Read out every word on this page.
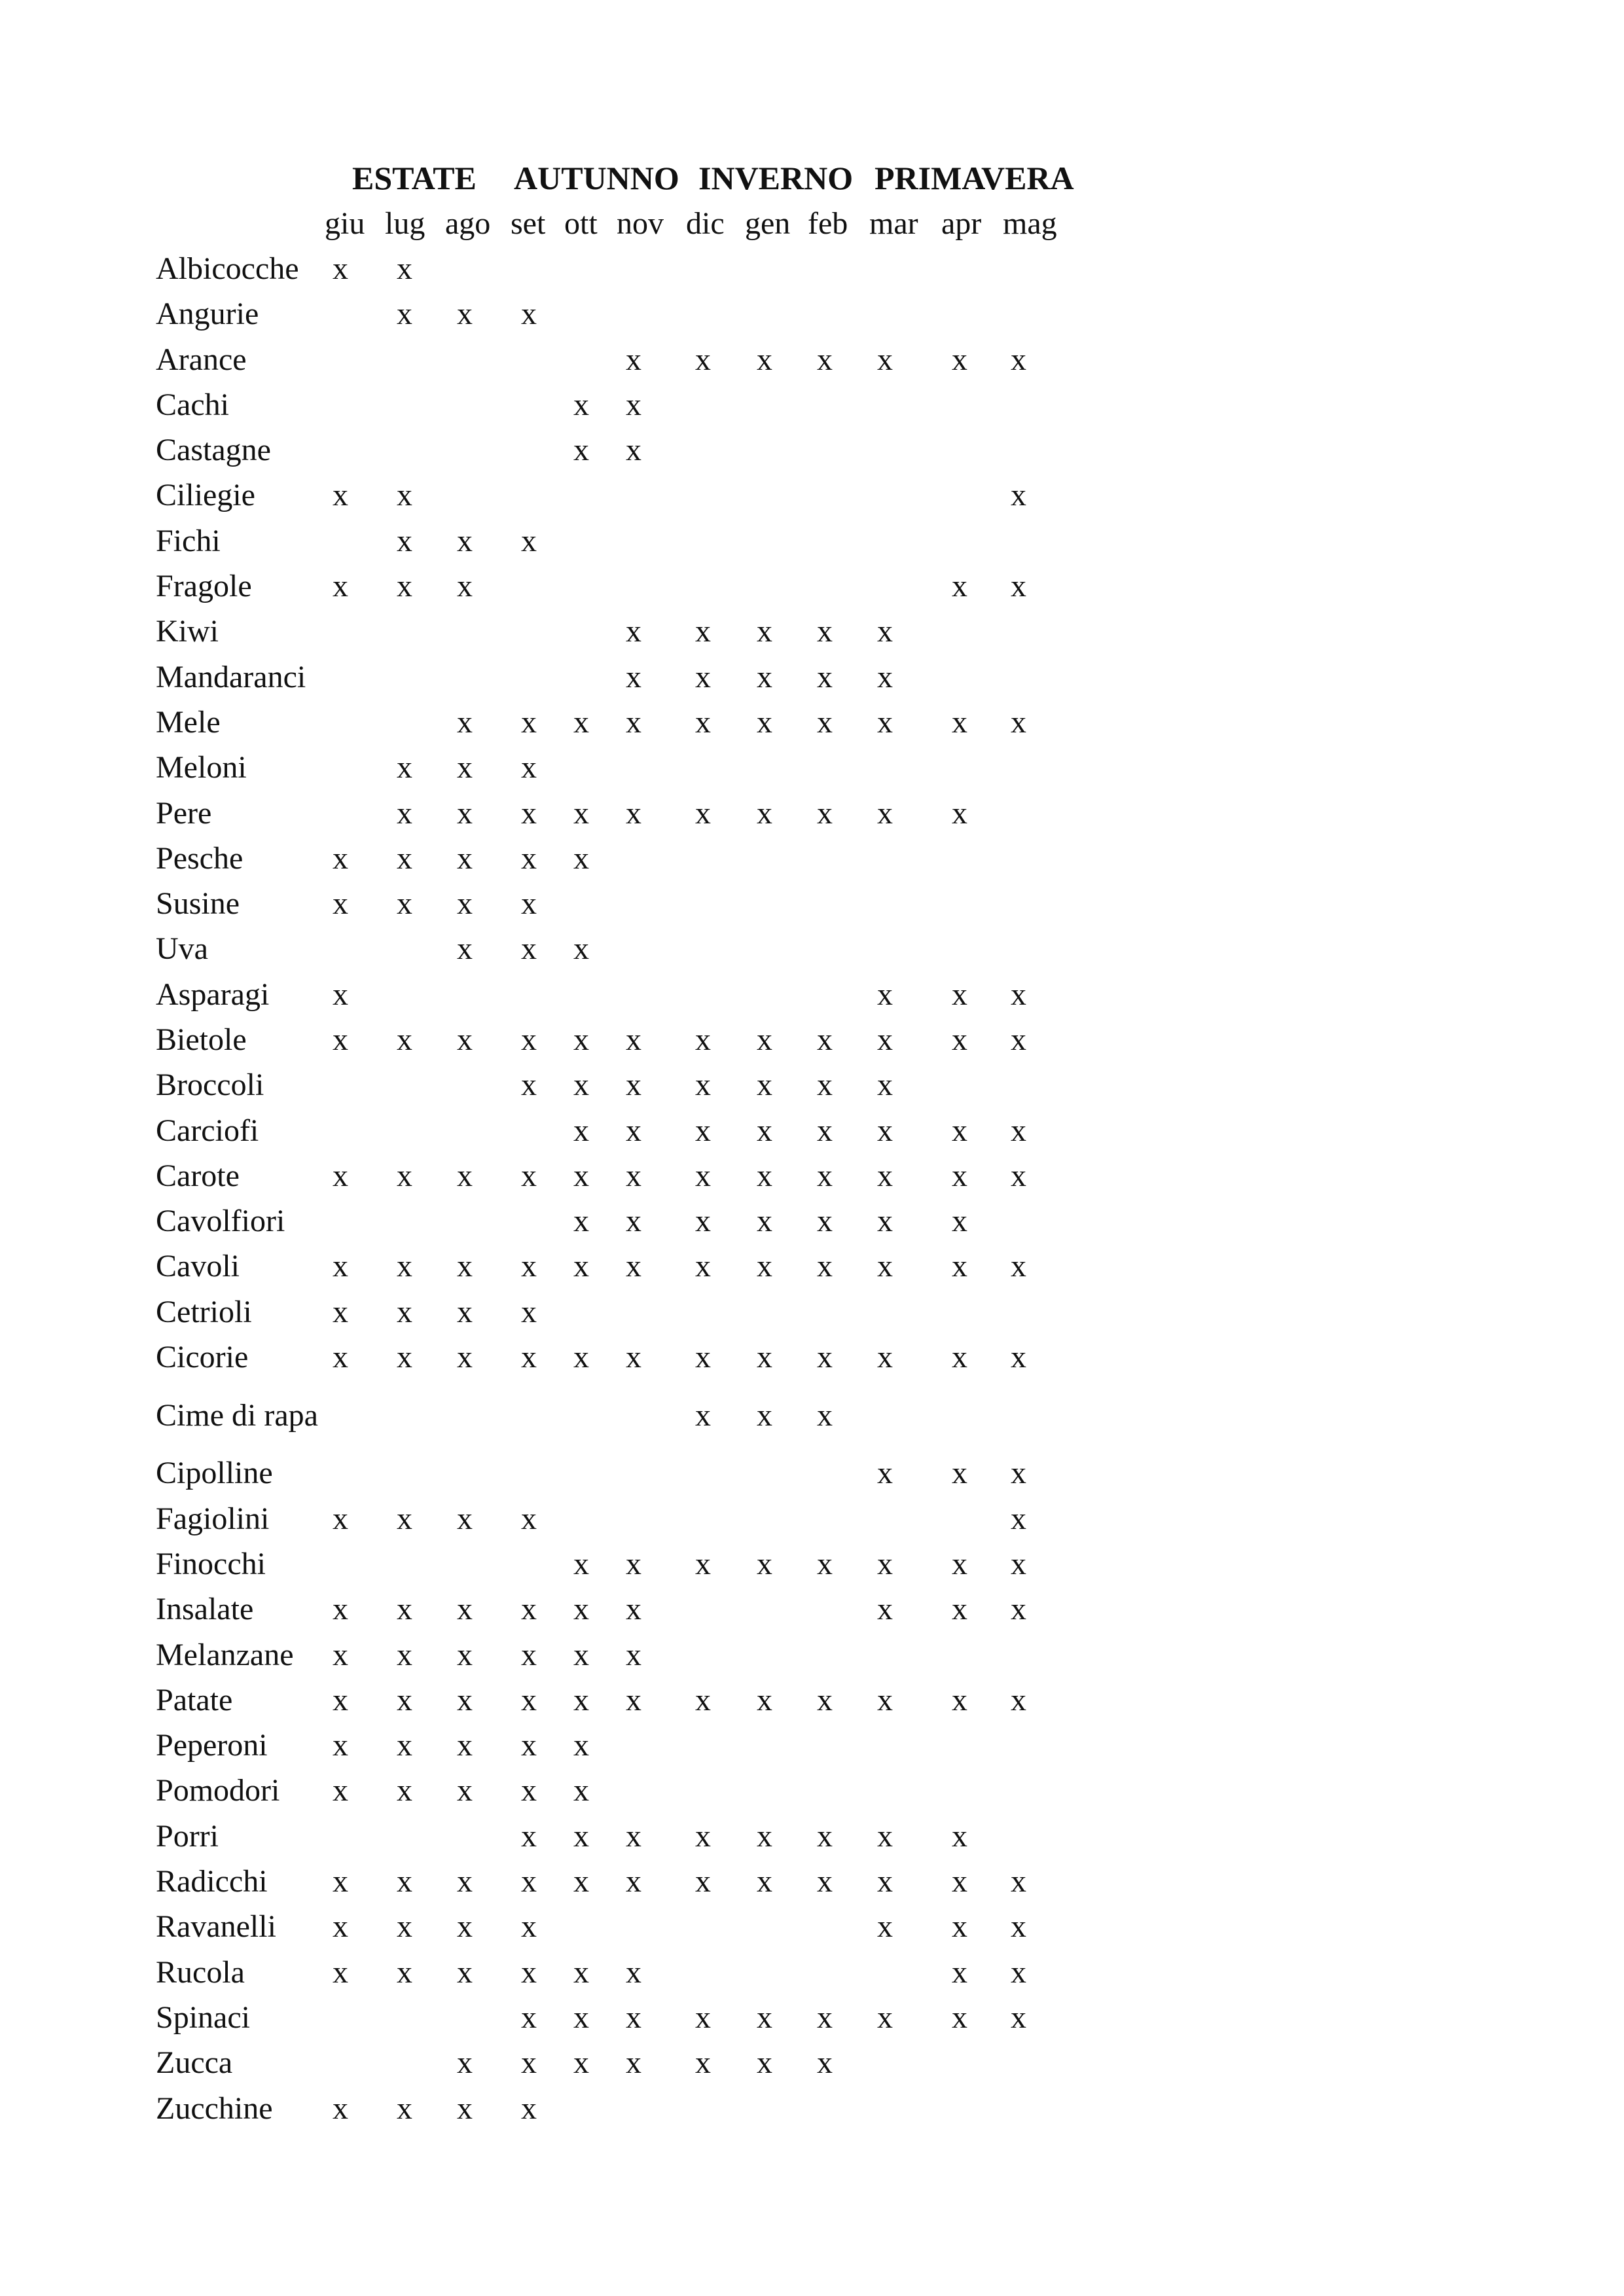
ESTATE AUTUNNO INVERNO PRIMAVERA
	giu	lug	ago	set	ott	nov	dic	gen	feb	mar	apr	mag
Albicocche	x	x										
Angurie		x	x	x								
Arance						x	x	x	x	x	x	x
Cachi					x	x						
Castagne					x	x						
Ciliegie	x	x										x
Fichi		x	x	x								
Fragole	x	x	x								x	x
Kiwi						x	x	x	x	x		
Mandaranci						x	x	x	x	x		
Mele			x	x	x	x	x	x	x	x	x	x
Meloni		x	x	x								
Pere		x	x	x	x	x	x	x	x	x	x	
Pesche	x	x	x	x	x							
Susine	x	x	x	x								
Uva			x	x	x							
Asparagi	x									x	x	x
Bietole	x	x	x	x	x	x	x	x	x	x	x	x
Broccoli				x	x	x	x	x	x	x		
Carciofi					x	x	x	x	x	x	x	x
Carote	x	x	x	x	x	x	x	x	x	x	x	x
Cavolfiori					x	x	x	x	x	x	x	
Cavoli	x	x	x	x	x	x	x	x	x	x	x	x
Cetrioli	x	x	x	x								
Cicorie	x	x	x	x	x	x	x	x	x	x	x	x
Cime di rapa							x	x	x			
Cipolline										x	x	x
Fagiolini	x	x	x	x								x
Finocchi					x	x	x	x	x	x	x	x
Insalate	x	x	x	x	x	x				x	x	x
Melanzane	x	x	x	x	x	x						
Patate	x	x	x	x	x	x	x	x	x	x	x	x
Peperoni	x	x	x	x	x							
Pomodori	x	x	x	x	x							
Porri				x	x	x	x	x	x	x	x	
Radicchi	x	x	x	x	x	x	x	x	x	x	x	x
Ravanelli	x	x	x	x						x	x	x
Rucola	x	x	x	x	x	x					x	x
Spinaci				x	x	x	x	x	x	x	x	x
Zucca			x	x	x	x	x	x	x			
Zucchine	x	x	x	x								
